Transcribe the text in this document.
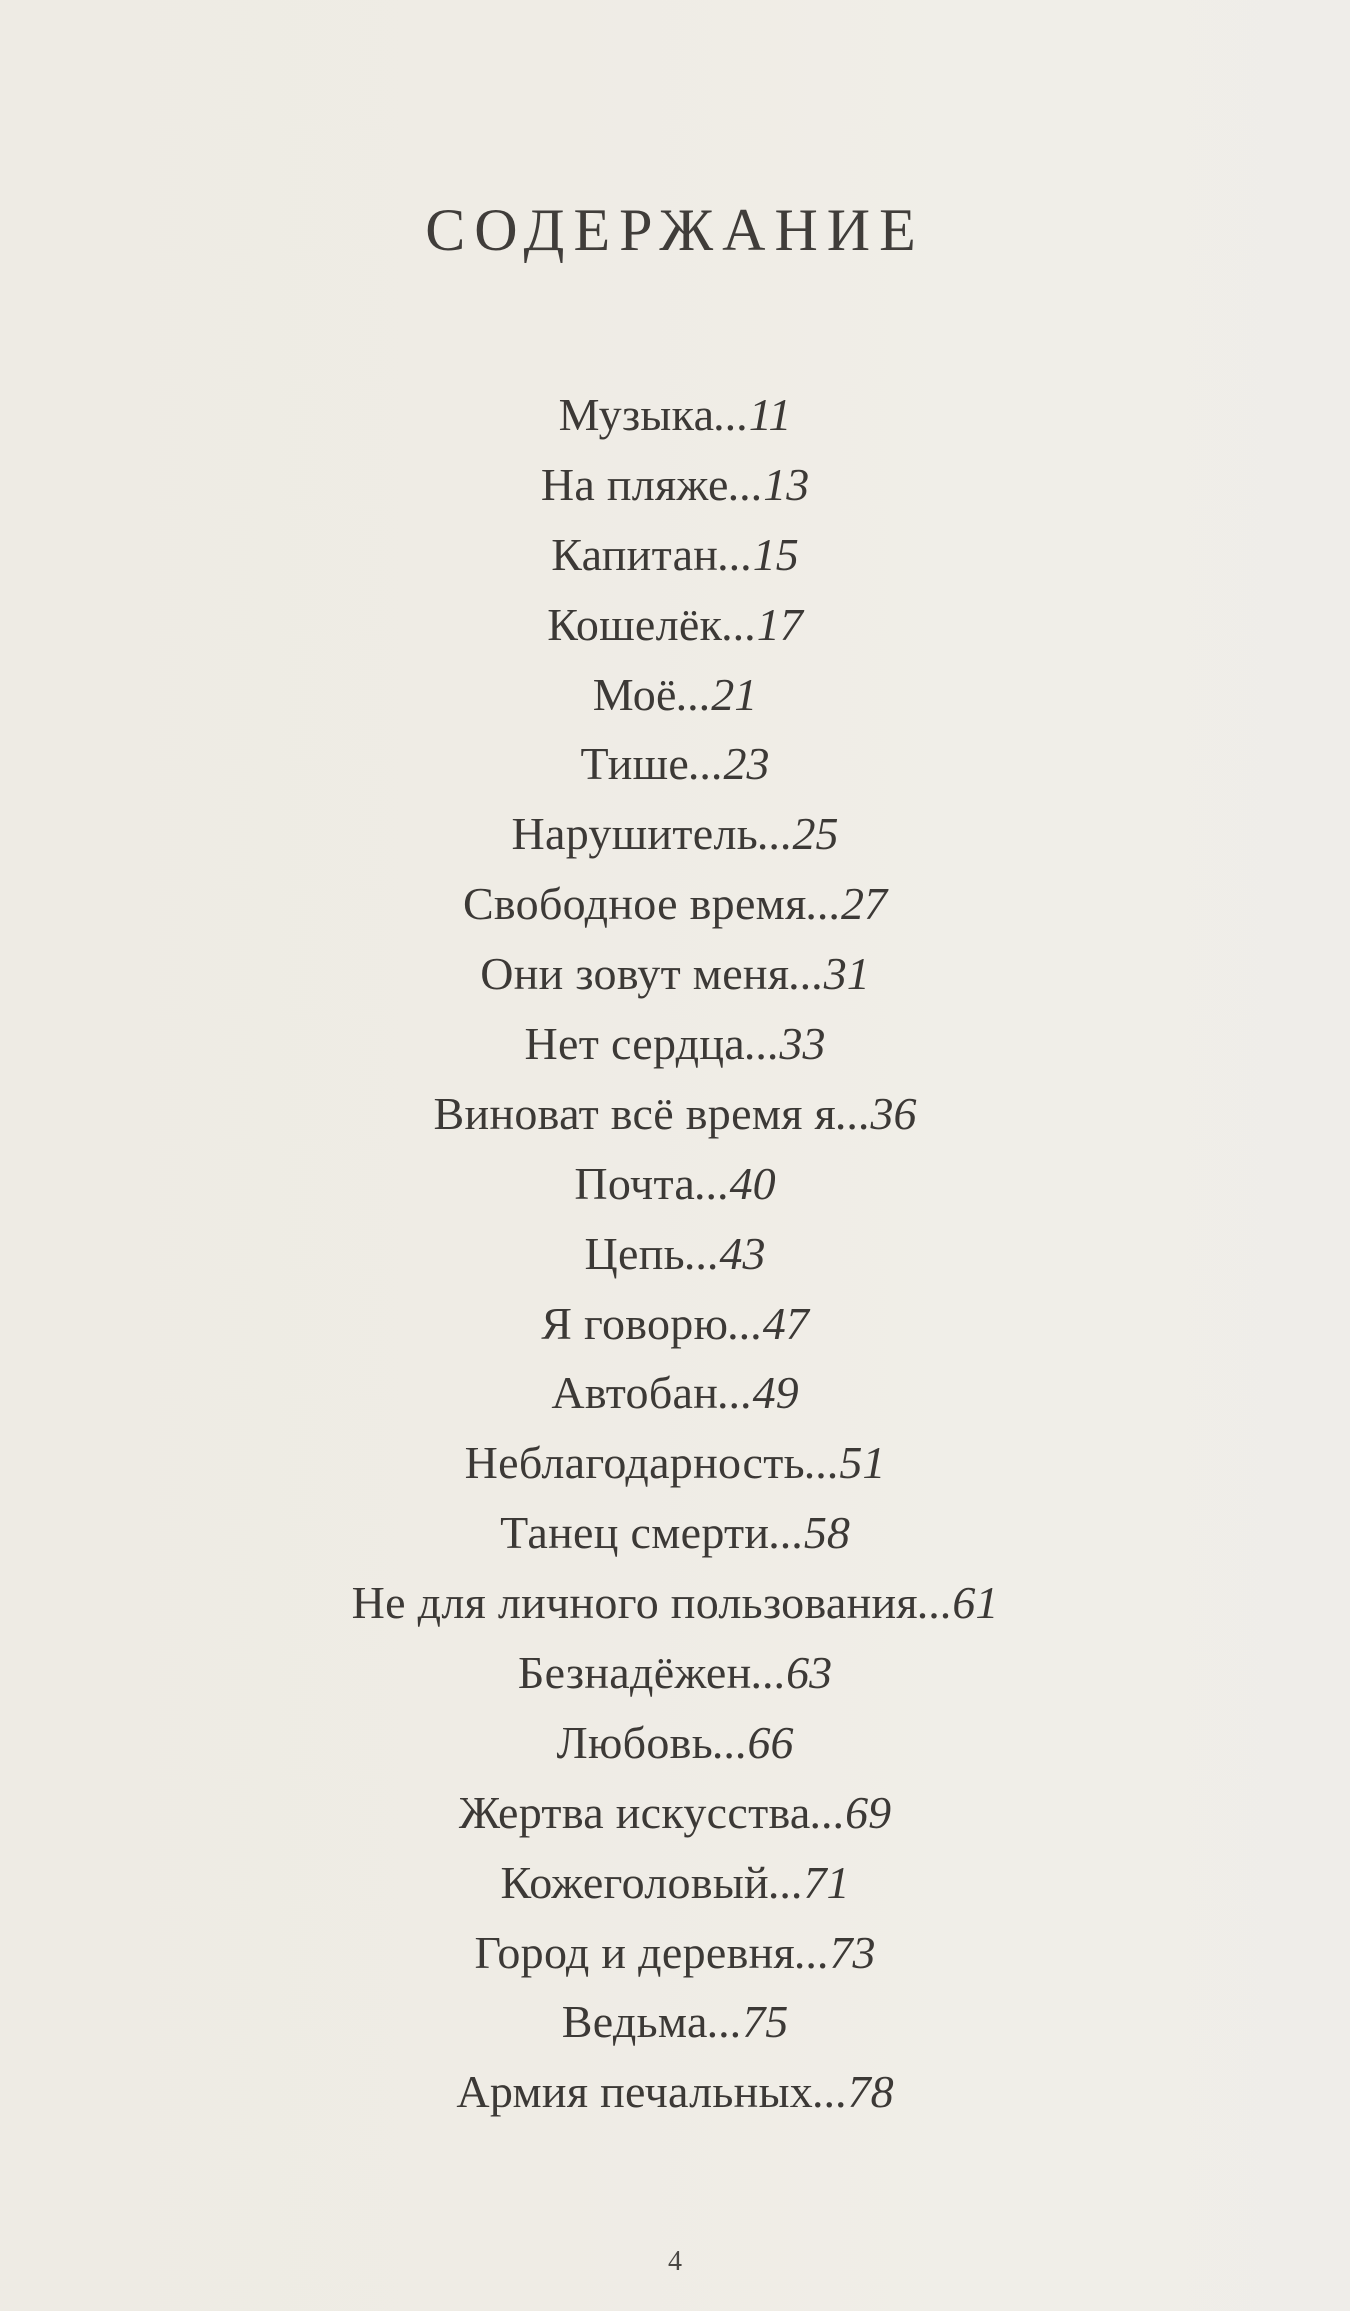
СОДЕРЖАНИЕ
Музыка...11
На пляже...13
Капитан...15
Кошелёк...17
Моё...21
Тише...23
Нарушитель...25
Свободное время...27
Они зовут меня...31
Нет сердца...33
Виноват всё время я...36
Почта...40
Цепь...43
Я говорю...47
Автобан...49
Неблагодарность...51
Танец смерти...58
Не для личного пользования...61
Безнадёжен...63
Любовь...66
Жертва искусства...69
Кожеголовый...71
Город и деревня...73
Ведьма...75
Армия печальных...78
4
